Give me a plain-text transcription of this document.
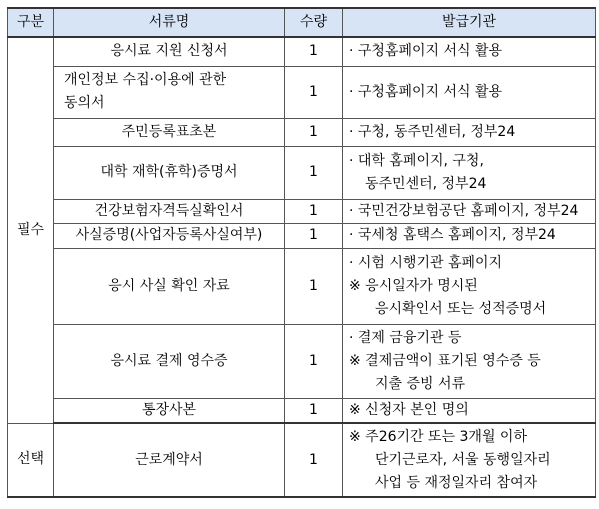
구분	서류명	수량	발급기관
필수	응시료 지원 신청서	1	· 구청홈페이지 서식 활용

	개인정보 수집·이용에 관한
동의서	1	· 구청홈페이지 서식 활용

	주민등록표초본	1	· 구청, 동주민센터, 정부24

	대학 재학(휴학)증명서	1	· 대학 홈페이지, 구청,
동주민센터, 정부24

	건강보험자격득실확인서	1	· 국민건강보험공단 홈페이지, 정부24

	사실증명(사업자등록사실여부)	1	· 국세청 홈택스 홈페이지, 정부24

	응시 사실 확인 자료	1	· 시험 시행기관 홈페이지
※ 응시일자가 명시된
응시확인서 또는 성적증명서

	응시료 결제 영수증	1	· 결제 금융기관 등
※ 결제금액이 표기된 영수증 등
지출 증빙 서류

	통장사본	1	※ 신청자 본인 명의

선택	근로계약서	1	※ 주26기간 또는 3개월 이하
단기근로자, 서울 동행일자리
사업 등 재정일자리 참여자
